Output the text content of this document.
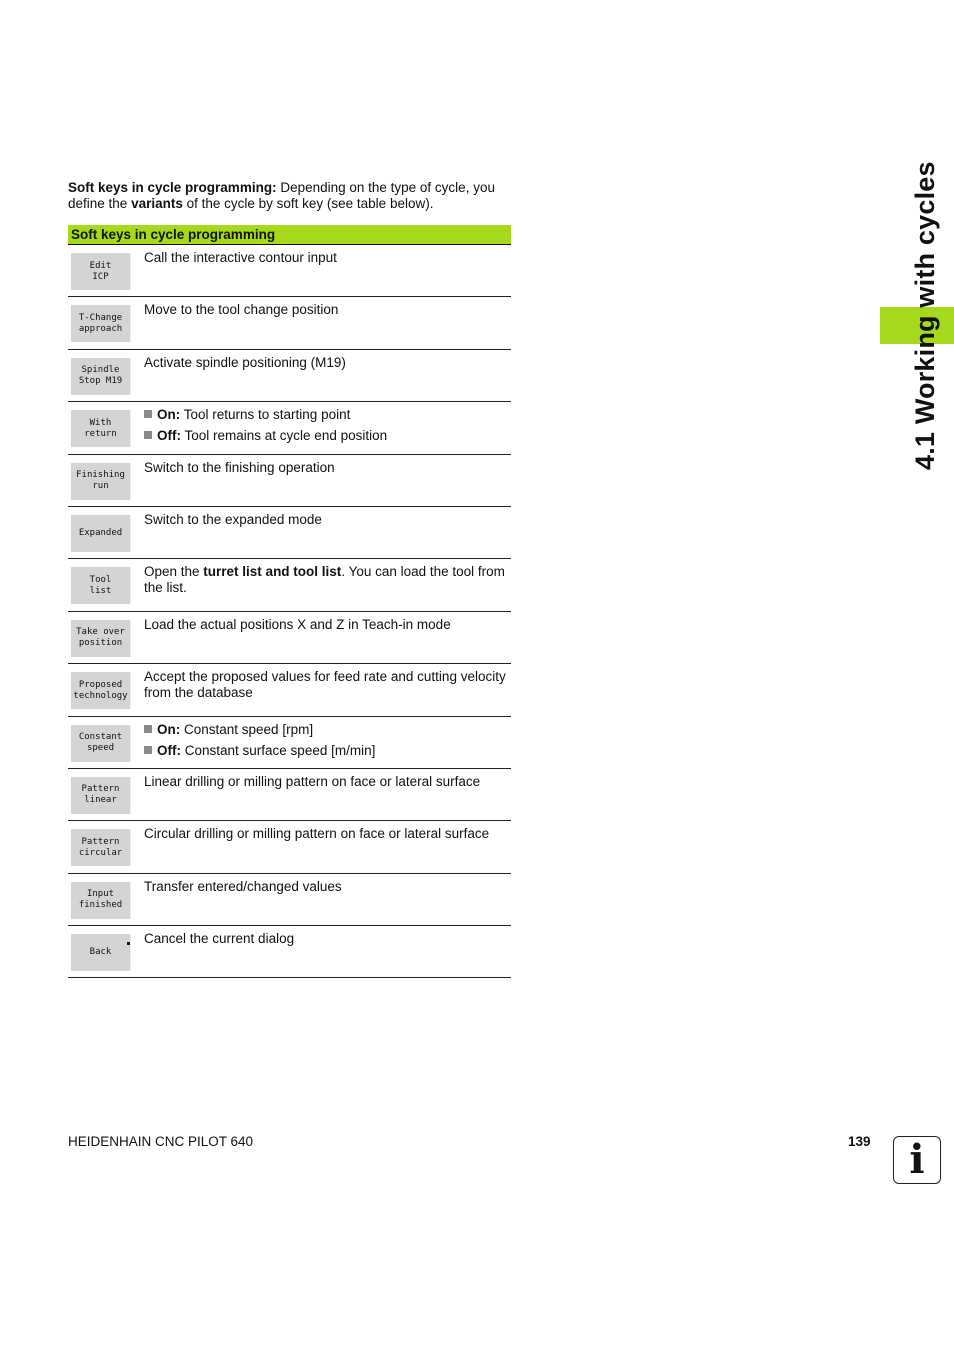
Soft keys in cycle programming: Depending on the type of cycle, you define the variants of the cycle by soft key (see table below).

Soft keys in cycle programming
Edit
ICP
Call the interactive contour input
T-Change
approach
Move to the tool change position
Spindle
Stop M19
Activate spindle positioning (M19)
With
return
On: Tool returns to starting point
Off: Tool remains at cycle end position
Finishing
run
Switch to the finishing operation
Expanded
Switch to the expanded mode
Tool
list
Open the turret list and tool list. You can load the tool from the list.
Take over
position
Load the actual positions X and Z in Teach-in mode
Proposed
technology
Accept the proposed values for feed rate and cutting velocity from the database
Constant
speed
On: Constant speed [rpm]
Off: Constant surface speed [m/min]
Pattern
linear
Linear drilling or milling pattern on face or lateral surface
Pattern
circular
Circular drilling or milling pattern on face or lateral surface
Input
finished
Transfer entered/changed values
Back
Cancel the current dialog
4.1 Working with cycles
HEIDENHAIN CNC PILOT 640	139 i
